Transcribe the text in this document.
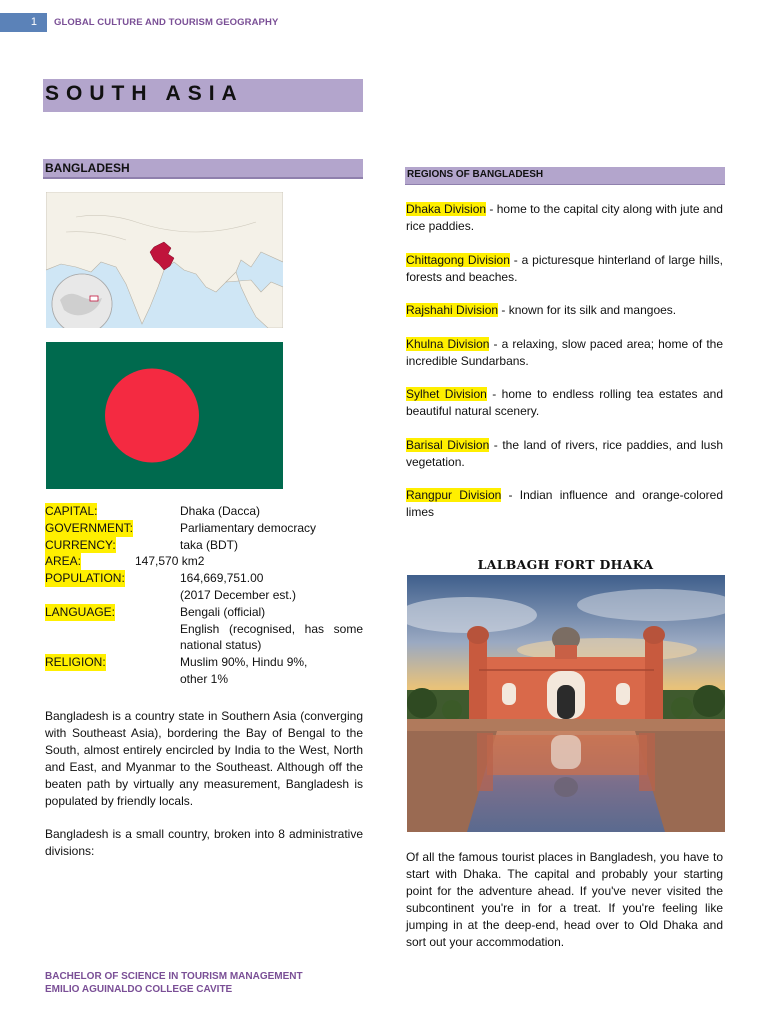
1	GLOBAL CULTURE AND TOURISM GEOGRAPHY
SOUTH ASIA
BANGLADESH
CAPITAL:	Dhaka (Dacca)
GOVERNMENT:	Parliamentary democracy
CURRENCY:	taka (BDT)
AREA:	147,570 km2
POPULATION:	164,669,751.00
(2017 December est.)
LANGUAGE:	Bengali (official)
English (recognised, has some national status)
RELIGION:	Muslim 90%, Hindu 9%,
other 1%
Bangladesh is a country state in Southern Asia (converging with Southeast Asia), bordering the Bay of Bengal to the South, almost entirely encircled by India to the West, North and East, and Myanmar to the Southeast. Although off the beaten path by virtually any measurement, Bangladesh is populated by friendly locals.
Bangladesh is a small country, broken into 8 administrative divisions:
REGIONS OF BANGLADESH
Dhaka Division - home to the capital city along with jute and rice paddies.
Chittagong Division - a picturesque hinterland of large hills, forests and beaches.
Rajshahi Division - known for its silk and mangoes.
Khulna Division - a relaxing, slow paced area; home of the incredible Sundarbans.
Sylhet Division - home to endless rolling tea estates and beautiful natural scenery.
Barisal Division - the land of rivers, rice paddies, and lush vegetation.
Rangpur Division - Indian influence and orange-colored limes
LALBAGH FORT DHAKA
Of all the famous tourist places in Bangladesh, you have to start with Dhaka. The capital and probably your starting point for the adventure ahead. If you've never visited the subcontinent you're in for a treat. If you're feeling like jumping in at the deep-end, head over to Old Dhaka and sort out your accommodation.
BACHELOR OF SCIENCE IN TOURISM MANAGEMENT
EMILIO AGUINALDO COLLEGE CAVITE
